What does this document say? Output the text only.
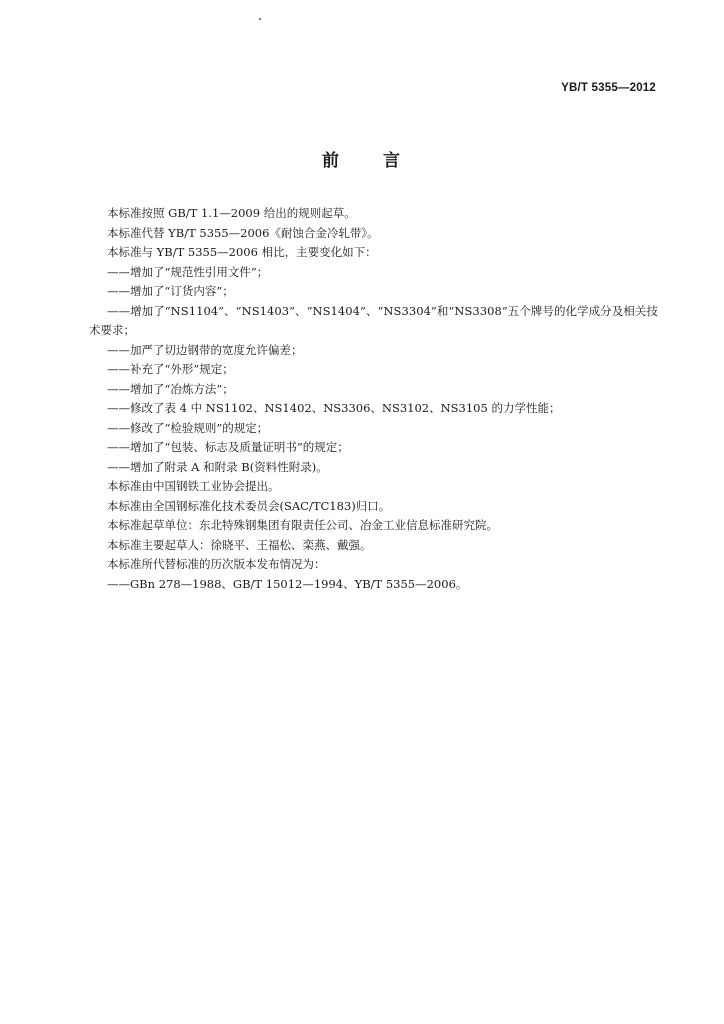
YB/T 5355—2012
前 言
本标准按照 GB/T 1.1—2009 给出的规则起草。
本标准代替 YB/T 5355—2006《耐蚀合金冷轧带》。
本标准与 YB/T 5355—2006 相比，主要变化如下：
——增加了“规范性引用文件”；
——增加了“订货内容”；
——增加了“NS1104”、“NS1403”、“NS1404”、“NS3304”和“NS3308”五个牌号的化学成分及相关技
术要求；
——加严了切边钢带的宽度允许偏差；
——补充了“外形”规定；
——增加了“冶炼方法”；
——修改了表 4 中 NS1102、NS1402、NS3306、NS3102、NS3105 的力学性能；
——修改了“检验规则”的规定；
——增加了“包装、标志及质量证明书”的规定；
——增加了附录 A 和附录 B(资料性附录)。
本标准由中国钢铁工业协会提出。
本标准由全国钢标准化技术委员会(SAC/TC183)归口。
本标准起草单位：东北特殊钢集团有限责任公司、冶金工业信息标准研究院。
本标准主要起草人：徐晓平、王福松、栾燕、戴强。
本标准所代替标准的历次版本发布情况为：
——GBn 278—1988、GB/T 15012—1994、YB/T 5355—2006。
